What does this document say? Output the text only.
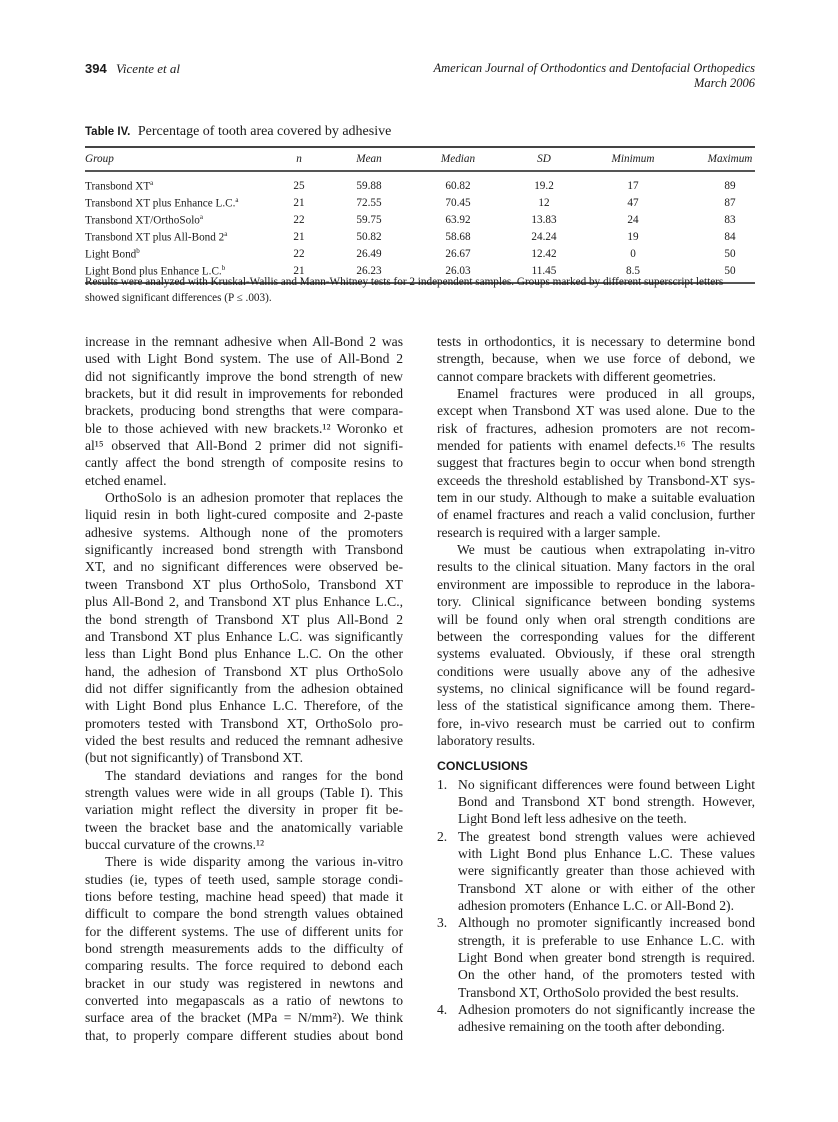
394 Vicente et al	American Journal of Orthodontics and Dentofacial Orthopedics
March 2006
Table IV. Percentage of tooth area covered by adhesive
Group	n	Mean	Median	SD	Minimum	Maximum
Transbond $XT^a$	25	59.88	60.82	19.2	17	89
Transbond XT plus Enhance L.C.$^a$	21	72.55	70.45	12	47	87
Transbond XT/OrthoSolo$^a$	22	59.75	63.92	13.83	24	83
Transbond XT plus All-Bond 2$^a$	21	50.82	58.68	24.24	19	84
Light Bond$^b$	22	26.49	26.67	12.42	0	50
Light Bond plus Enhance L.C.$^b$	21	26.23	26.03	11.45	8.5	50
Results were analyzed with Kruskal-Wallis and Mann-Whitney tests for 2 independent samples. Groups marked by different superscript letters showed significant differences (P ≤ .003).
increase in the remnant adhesive when All-Bond 2 was
used with Light Bond system. The use of All-Bond 2
did not significantly improve the bond strength of new
brackets, but it did result in improvements for rebonded
brackets, producing bond strengths that were compara-
ble to those achieved with new brackets.¹² Woronko et
al¹⁵ observed that All-Bond 2 primer did not signifi-
cantly affect the bond strength of composite resins to
etched enamel.
OrthoSolo is an adhesion promoter that replaces the
liquid resin in both light-cured composite and 2-paste
adhesive systems. Although none of the promoters
significantly increased bond strength with Transbond
XT, and no significant differences were observed be-
tween Transbond XT plus OrthoSolo, Transbond XT
plus All-Bond 2, and Transbond XT plus Enhance L.C.,
the bond strength of Transbond XT plus All-Bond 2
and Transbond XT plus Enhance L.C. was significantly
less than Light Bond plus Enhance L.C. On the other
hand, the adhesion of Transbond XT plus OrthoSolo
did not differ significantly from the adhesion obtained
with Light Bond plus Enhance L.C. Therefore, of the
promoters tested with Transbond XT, OrthoSolo pro-
vided the best results and reduced the remnant adhesive
(but not significantly) of Transbond XT.
The standard deviations and ranges for the bond
strength values were wide in all groups (Table I). This
variation might reflect the diversity in proper fit be-
tween the bracket base and the anatomically variable
buccal curvature of the crowns.¹²
There is wide disparity among the various in-vitro
studies (ie, types of teeth used, sample storage condi-
tions before testing, machine head speed) that made it
difficult to compare the bond strength values obtained
for the different systems. The use of different units for
bond strength measurements adds to the difficulty of
comparing results. The force required to debond each
bracket in our study was registered in newtons and
converted into megapascals as a ratio of newtons to
surface area of the bracket (MPa = N/mm²). We think
that, to properly compare different studies about bond
tests in orthodontics, it is necessary to determine bond
strength, because, when we use force of debond, we
cannot compare brackets with different geometries.
Enamel fractures were produced in all groups,
except when Transbond XT was used alone. Due to the
risk of fractures, adhesion promoters are not recom-
mended for patients with enamel defects.¹⁶ The results
suggest that fractures begin to occur when bond strength
exceeds the threshold established by Transbond-XT sys-
tem in our study. Although to make a suitable evaluation
of enamel fractures and reach a valid conclusion, further
research is required with a larger sample.
We must be cautious when extrapolating in-vitro
results to the clinical situation. Many factors in the oral
environment are impossible to reproduce in the labora-
tory. Clinical significance between bonding systems
will be found only when oral strength conditions are
between the corresponding values for the different
systems evaluated. Obviously, if these oral strength
conditions were usually above any of the adhesive
systems, no clinical significance will be found regard-
less of the statistical significance among them. There-
fore, in-vivo research must be carried out to confirm
laboratory results.
CONCLUSIONS
1. No significant differences were found between Light
Bond and Transbond XT bond strength. However,
Light Bond left less adhesive on the teeth.
2. The greatest bond strength values were achieved
with Light Bond plus Enhance L.C. These values
were significantly greater than those achieved with
Transbond XT alone or with either of the other
adhesion promoters (Enhance L.C. or All-Bond 2).
3. Although no promoter significantly increased bond
strength, it is preferable to use Enhance L.C. with
Light Bond when greater bond strength is required.
On the other hand, of the promoters tested with
Transbond XT, OrthoSolo provided the best results.
4. Adhesion promoters do not significantly increase the
adhesive remaining on the tooth after debonding.
